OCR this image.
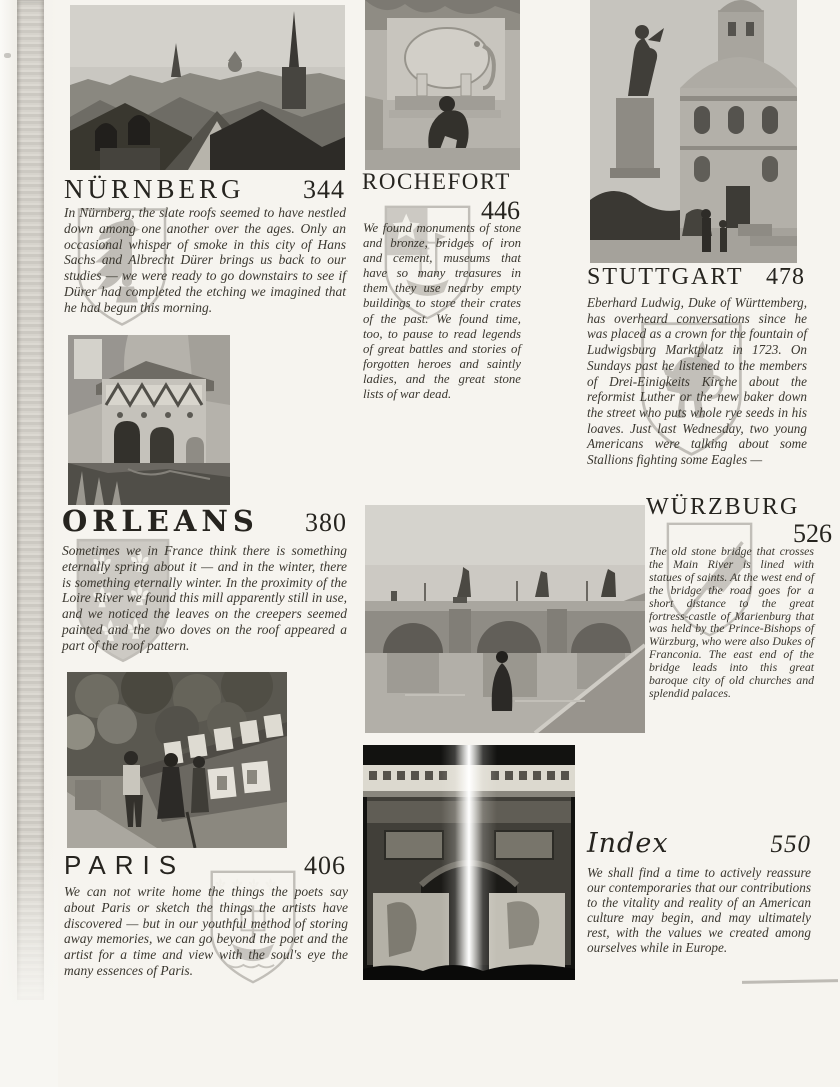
NÜRNBERG 344

In Nürnberg, the slate roofs seemed to have nestled down among one another over the ages. Only an occasional whisper of smoke in this city of Hans Sachs and Albrecht Dürer brings us back to our studies — we were ready to go downstairs to see if Dürer had completed the etching we imagined that he had begun this morning.

ROCHEFORT
446

We found monuments of stone and bronze, bridges of iron and cement, museums that have so many treasures in them they use nearby empty buildings to store their crates of the past. We found time, too, to pause to read legends of great battles and stories of forgotten heroes and saintly ladies, and the great stone lists of war dead.

STUTTGART 478

Eberhard Ludwig, Duke of Württemberg, has overheard conversations since he was placed as a crown for the fountain of Ludwigsburg Marktplatz in 1723. On Sundays past he listened to the members of Drei-Einigkeits Kirche about the reformist Luther or the new baker down the street who puts whole rye seeds in his loaves. Just last Wednesday, two young Americans were talking about some Stallions fighting some Eagles —

ORLEANS 380

Sometimes we in France think there is something eternally spring about it — and in the winter, there is something eternally winter. In the proximity of the Loire River we found this mill apparently still in use, and we noticed the leaves on the creepers seemed painted and the two doves on the roof appeared a part of the roof pattern.

WÜRZBURG
526

The old stone bridge that crosses the Main River is lined with statues of saints. At the west end of the bridge the road goes for a short distance to the great fortress-castle of Marienburg that was held by the Prince-Bishops of Würzburg, who were also Dukes of Franconia. The east end of the bridge leads into this great baroque city of old churches and splendid palaces.

PARIS	406

We can not write home the things the poets say about Paris or sketch the things the artists have discovered — but in our youthful method of storing away memories, we can go beyond the poet and the artist for a time and view with the soul's eye the many essences of Paris.

Index	550

We shall find a time to actively reassure our contemporaries that our contributions to the vitality and reality of an American culture may begin, and may ultimately rest, with the values we created among ourselves while in Europe.
